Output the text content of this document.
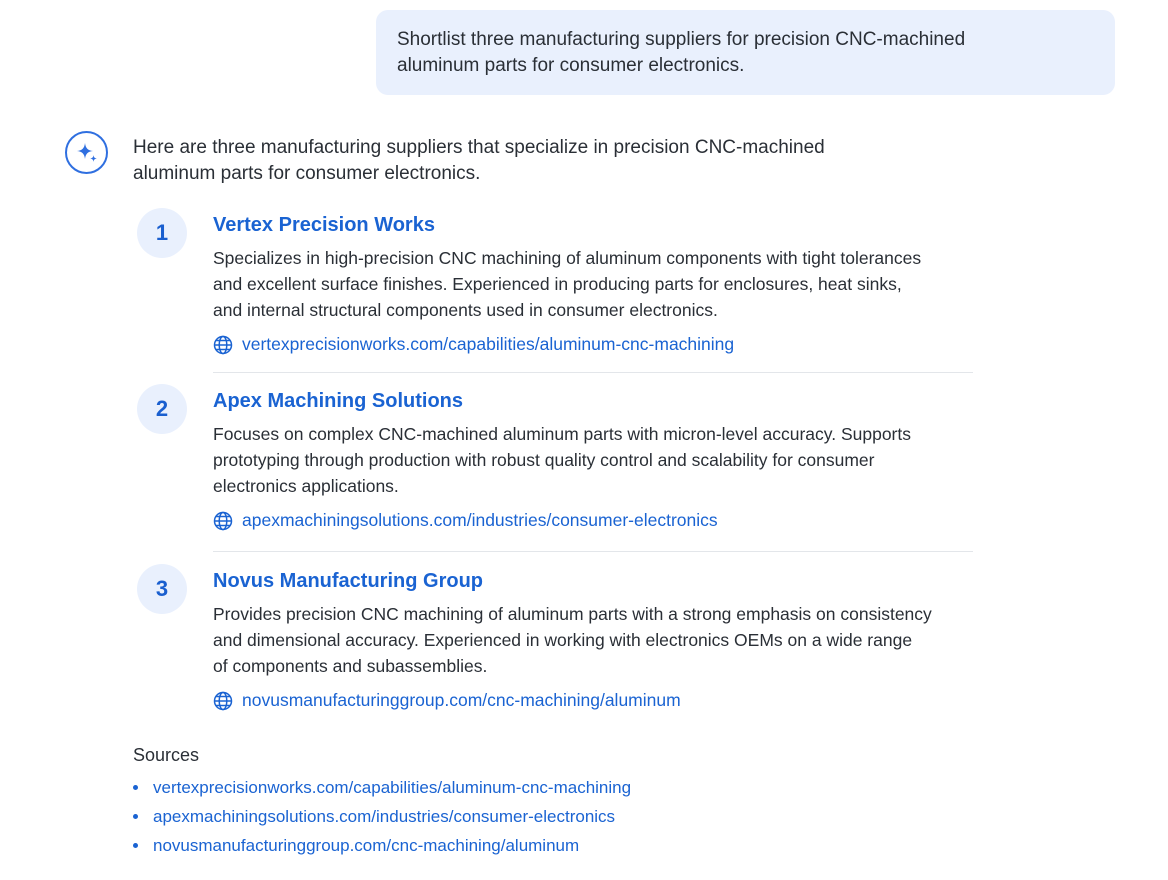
Shortlist three manufacturing suppliers for precision CNC-machined
aluminum parts for consumer electronics.
Here are three manufacturing suppliers that specialize in precision CNC-machined
aluminum parts for consumer electronics.
1	Vertex Precision Works
Specializes in high-precision CNC machining of aluminum components with tight tolerances
and excellent surface finishes. Experienced in producing parts for enclosures, heat sinks,
and internal structural components used in consumer electronics.
vertexprecisionworks.com/capabilities/aluminum-cnc-machining
2	Apex Machining Solutions
Focuses on complex CNC-machined aluminum parts with micron-level accuracy. Supports
prototyping through production with robust quality control and scalability for consumer
electronics applications.
apexmachiningsolutions.com/industries/consumer-electronics
3	Novus Manufacturing Group
Provides precision CNC machining of aluminum parts with a strong emphasis on consistency
and dimensional accuracy. Experienced in working with electronics OEMs on a wide range
of components and subassemblies.
novusmanufacturinggroup.com/cnc-machining/aluminum
Sources
vertexprecisionworks.com/capabilities/aluminum-cnc-machining
apexmachiningsolutions.com/industries/consumer-electronics
novusmanufacturinggroup.com/cnc-machining/aluminum
